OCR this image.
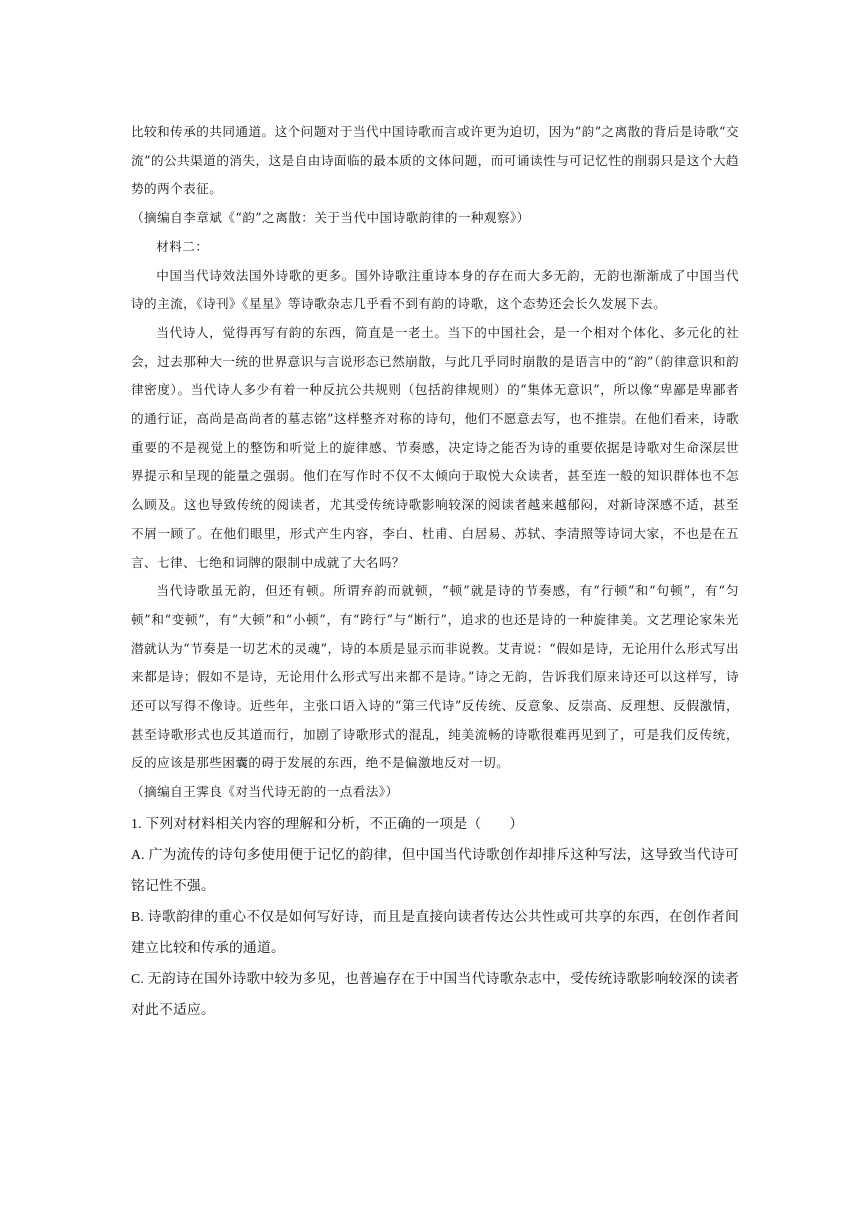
比较和传承的共同通道。这个问题对于当代中国诗歌而言或许更为迫切，因为“韵”之离散的背后是诗歌“交流”的公共渠道的消失，这是自由诗面临的最本质的文体问题，而可诵读性与可记忆性的削弱只是这个大趋势的两个表征。

（摘编自李章斌《“韵”之离散：关于当代中国诗歌韵律的一种观察》）

材料二：

中国当代诗效法国外诗歌的更多。国外诗歌注重诗本身的存在而大多无韵，无韵也渐渐成了中国当代诗的主流，《诗刊》《星星》等诗歌杂志几乎看不到有韵的诗歌，这个态势还会长久发展下去。

当代诗人，觉得再写有韵的东西，简直是一老土。当下的中国社会，是一个相对个体化、多元化的社会，过去那种大一统的世界意识与言说形态已然崩散，与此几乎同时崩散的是语言中的“韵”（韵律意识和韵律密度）。当代诗人多少有着一种反抗公共规则（包括韵律规则）的“集体无意识”，所以像“卑鄙是卑鄙者的通行证，高尚是高尚者的墓志铭”这样整齐对称的诗句，他们不愿意去写，也不推崇。在他们看来，诗歌重要的不是视觉上的整饬和听觉上的旋律感、节奏感，决定诗之能否为诗的重要依据是诗歌对生命深层世界提示和呈现的能量之强弱。他们在写作时不仅不太倾向于取悦大众读者，甚至连一般的知识群体也不怎么顾及。这也导致传统的阅读者，尤其受传统诗歌影响较深的阅读者越来越郁闷，对新诗深感不适，甚至不屑一顾了。在他们眼里，形式产生内容，李白、杜甫、白居易、苏轼、李清照等诗词大家，不也是在五言、七律、七绝和词牌的限制中成就了大名吗？

当代诗歌虽无韵，但还有顿。所谓弃韵而就顿，“顿”就是诗的节奏感，有“行顿”和“句顿”，有“匀顿”和“变顿”，有“大顿”和“小顿”，有“跨行”与“断行”，追求的也还是诗的一种旋律美。文艺理论家朱光潜就认为“节奏是一切艺术的灵魂”，诗的本质是显示而非说教。艾青说：“假如是诗，无论用什么形式写出来都是诗；假如不是诗，无论用什么形式写出来都不是诗。”诗之无韵，告诉我们原来诗还可以这样写，诗还可以写得不像诗。近些年，主张口语入诗的“第三代诗”反传统、反意象、反崇高、反理想、反假激情，甚至诗歌形式也反其道而行，加剧了诗歌形式的混乱，纯美流畅的诗歌很难再见到了，可是我们反传统，反的应该是那些困囊的碍于发展的东西，绝不是偏激地反对一切。

（摘编自王霁良《对当代诗无韵的一点看法》）

1. 下列对材料相关内容的理解和分析，不正确的一项是（　　）

A. 广为流传的诗句多使用便于记忆的韵律，但中国当代诗歌创作却排斥这种写法，这导致当代诗可铭记性不强。

B. 诗歌韵律的重心不仅是如何写好诗，而且是直接向读者传达公共性或可共享的东西，在创作者间建立比较和传承的通道。

C. 无韵诗在国外诗歌中较为多见，也普遍存在于中国当代诗歌杂志中，受传统诗歌影响较深的读者对此不适应。
